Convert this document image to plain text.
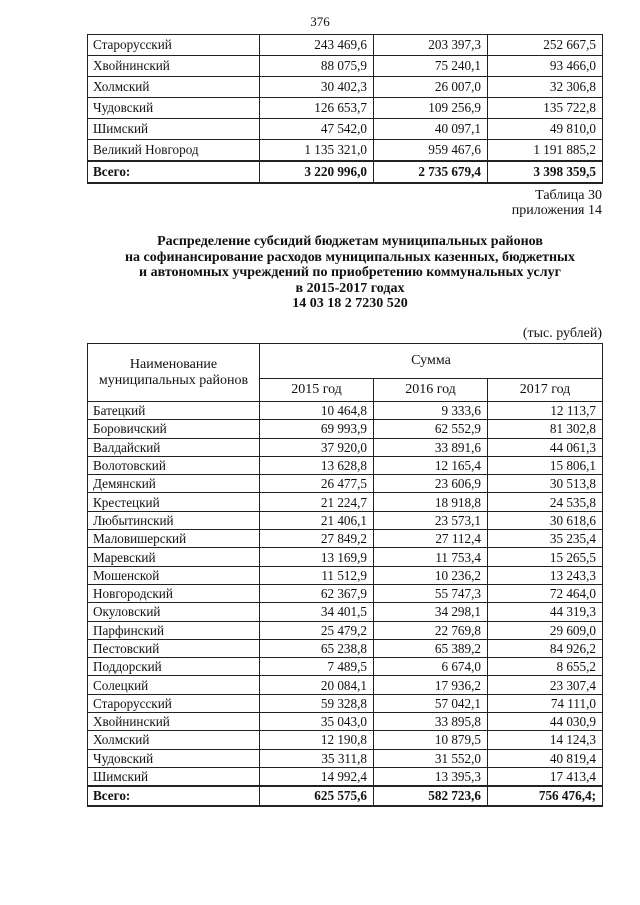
376
Старорусский	243 469,6	203 397,3	252 667,5
Хвойнинский	88 075,9	75 240,1	93 466,0
Холмский	30 402,3	26 007,0	32 306,8
Чудовский	126 653,7	109 256,9	135 722,8
Шимский	47 542,0	40 097,1	49 810,0
Великий Новгород	1 135 321,0	959 467,6	1 191 885,2
Всего:	3 220 996,0	2 735 679,4	3 398 359,5
Таблица 30
приложения 14
Распределение субсидий бюджетам муниципальных районов
на софинансирование расходов муниципальных казенных, бюджетных
и автономных учреждений по приобретению коммунальных услуг
в 2015-2017 годах
14 03 18 2 7230 520
(тыс. рублей)
Наименование муниципальных районов	Сумма		
	2015 год	2016 год	2017 год
Батецкий	10 464,8	9 333,6	12 113,7
Боровичский	69 993,9	62 552,9	81 302,8
Валдайский	37 920,0	33 891,6	44 061,3
Волотовский	13 628,8	12 165,4	15 806,1
Демянский	26 477,5	23 606,9	30 513,8
Крестецкий	21 224,7	18 918,8	24 535,8
Любытинский	21 406,1	23 573,1	30 618,6
Маловишерский	27 849,2	27 112,4	35 235,4
Маревский	13 169,9	11 753,4	15 265,5
Мошенской	11 512,9	10 236,2	13 243,3
Новгородский	62 367,9	55 747,3	72 464,0
Окуловский	34 401,5	34 298,1	44 319,3
Парфинский	25 479,2	22 769,8	29 609,0
Пестовский	65 238,8	65 389,2	84 926,2
Поддорский	7 489,5	6 674,0	8 655,2
Солецкий	20 084,1	17 936,2	23 307,4
Старорусский	59 328,8	57 042,1	74 111,0
Хвойнинский	35 043,0	33 895,8	44 030,9
Холмский	12 190,8	10 879,5	14 124,3
Чудовский	35 311,8	31 552,0	40 819,4
Шимский	14 992,4	13 395,3	17 413,4
Всего:	625 575,6	582 723,6	756 476,4;
